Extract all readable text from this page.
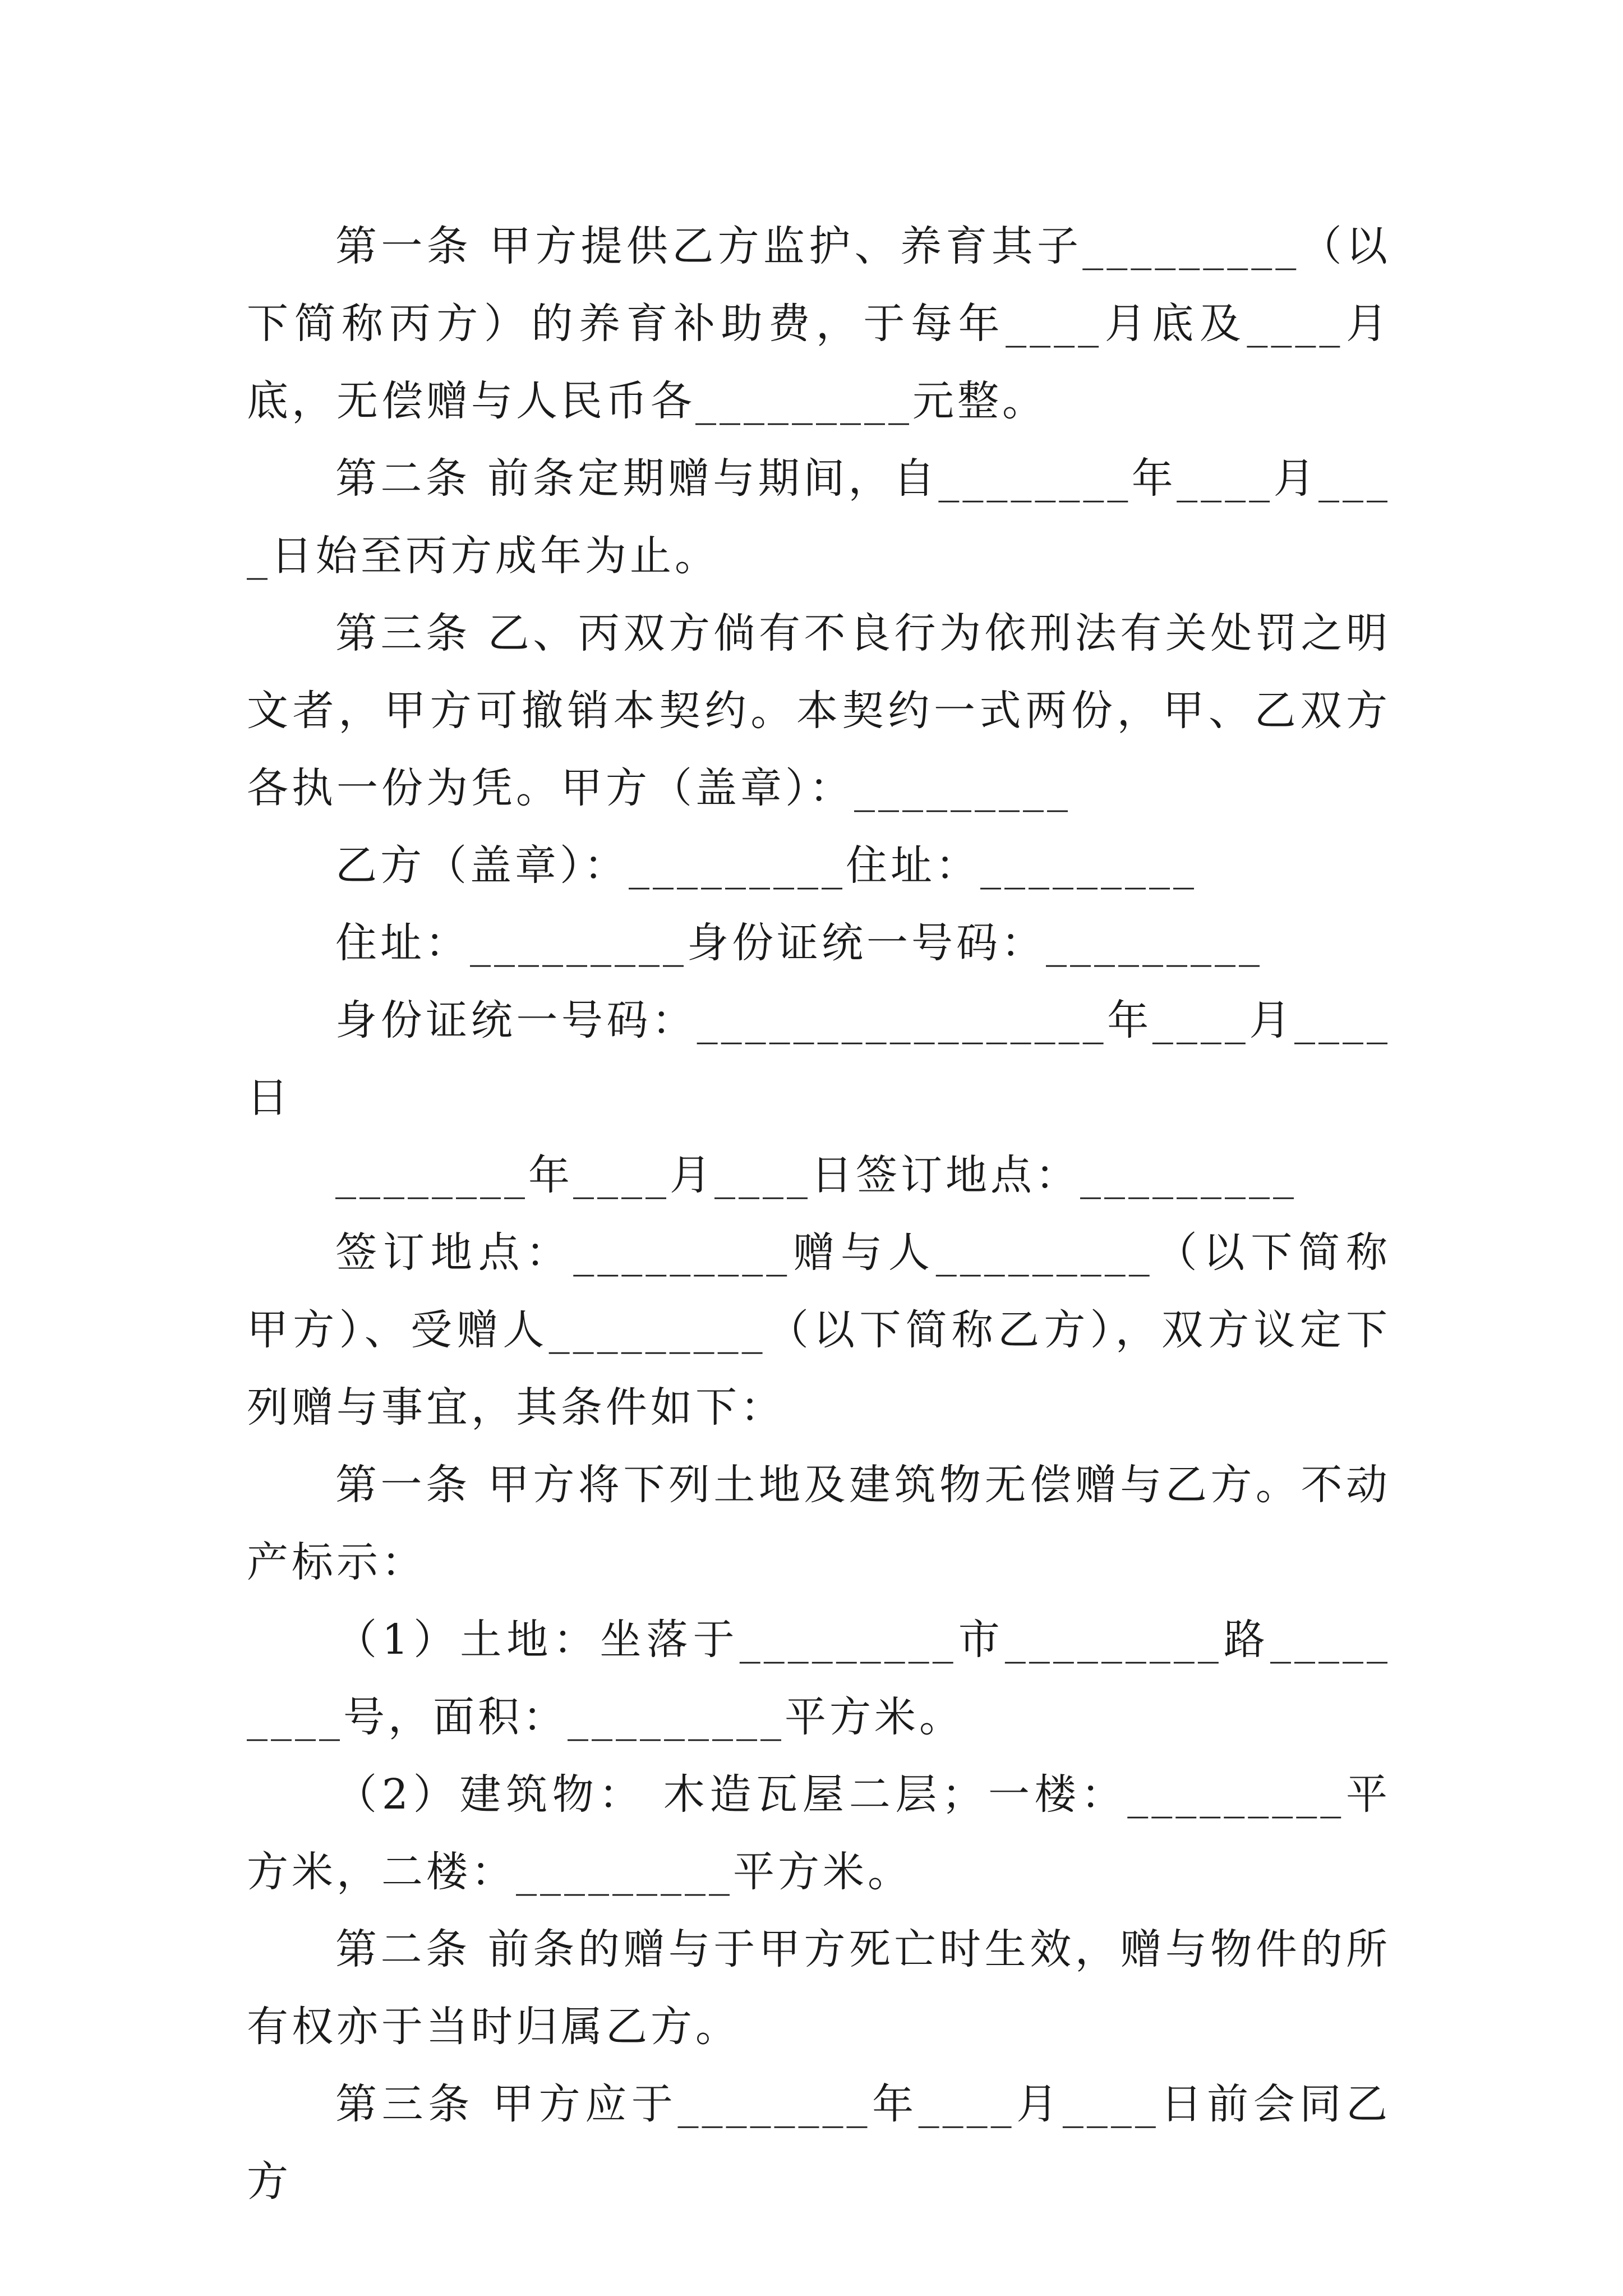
第一条 甲方提供乙方监护、养育其子_________（以下简称丙方）的养育补助费，于每年____月底及____月底，无偿赠与人民币各_________元整。

第二条 前条定期赠与期间，自________年____月____日始至丙方成年为止。

第三条 乙、丙双方倘有不良行为依刑法有关处罚之明文者，甲方可撤销本契约。本契约一式两份，甲、乙双方各执一份为凭。甲方（盖章）：_________

乙方（盖章）：_________住址：_________

住址：_________身份证统一号码：_________

身份证统一号码：_________________年____月____日

________年____月____日签订地点：_________

签订地点：_________赠与人_________（以下简称甲方）、受赠人_________（以下简称乙方），双方议定下列赠与事宜，其条件如下：

第一条 甲方将下列土地及建筑物无偿赠与乙方。不动产标示：

（1）土地：坐落于_________市_________路_________号，面积：_________平方米。

（2）建筑物： 木造瓦屋二层；一楼：_________平方米，二楼：_________平方米。

第二条 前条的赠与于甲方死亡时生效，赠与物件的所有权亦于当时归属乙方。

第三条 甲方应于________年____月____日前会同乙方
